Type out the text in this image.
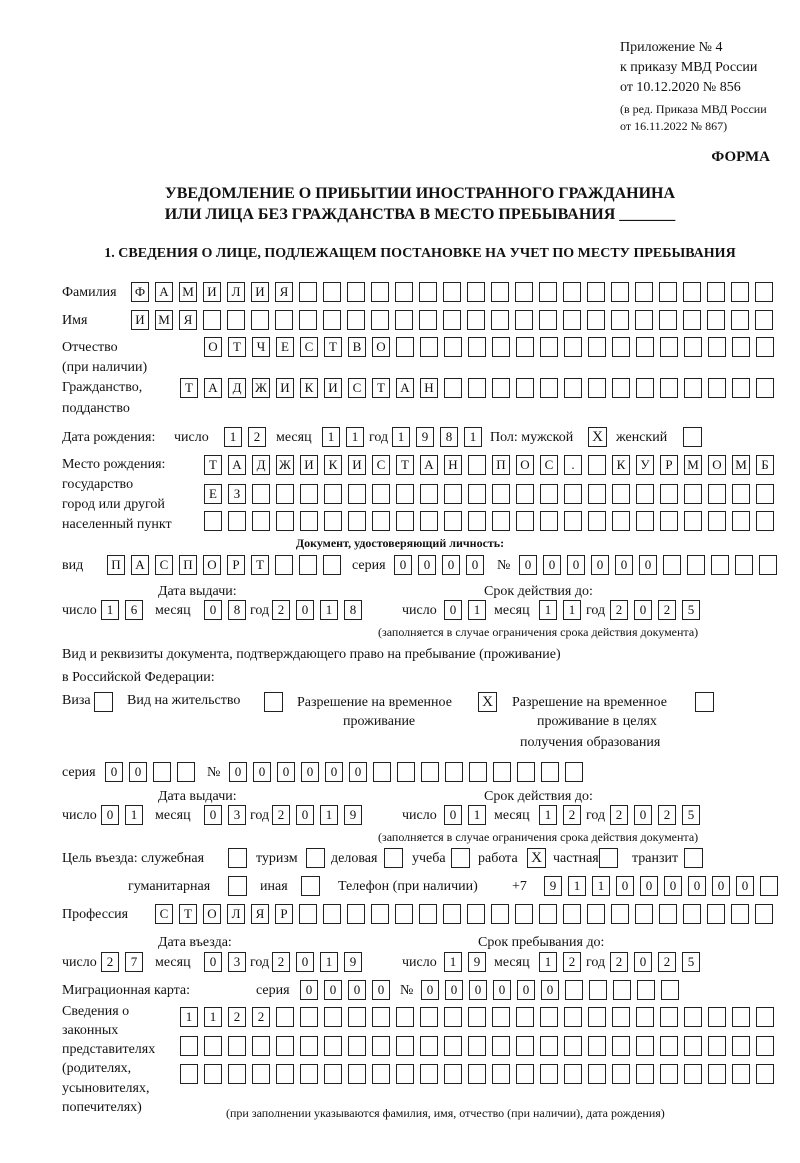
Приложение № 4
к приказу МВД России
от 10.12.2020 № 856
(в ред. Приказа МВД России
от 16.11.2022 № 867)
ФОРМА
УВЕДОМЛЕНИЕ О ПРИБЫТИИ ИНОСТРАННОГО ГРАЖДАНИНА
ИЛИ ЛИЦА БЕЗ ГРАЖДАНСТВА В МЕСТО ПРЕБЫВАНИЯ _______
1. СВЕДЕНИЯ О ЛИЦЕ, ПОДЛЕЖАЩЕМ ПОСТАНОВКЕ НА УЧЕТ ПО МЕСТУ ПРЕБЫВАНИЯ
Фамилия Ф	А	М	И	Л	И	Я
Имя	И	М	Я
Отчество
(при наличии)
О	Т	Ч	Е	С	Т	В	О
Гражданство,
подданство
Т	А	Д	Ж	И	К	И	С	Т	А	Н
Дата рождения: число	1	2	месяц	1	1 год 1	9	8	1 Пол: мужской X женский
Место рождения:
государство
город или другой
населенный пункт
Т	А	Д	Ж	И	К	И	С	Т	А	Н	П	О	С	.	К	У	Р	М	О	М	Б
Е	З
Документ, удостоверяющий личность:
вид	П	А	С	П	О	Р	Т	серия	0	0	0	0	№	0	0	0	0	0	0
Дата выдачи:	Срок действия до:
число 1	6	месяц	0	8 год 2	0	1	8	число	0	1 месяц	1	1 год 2	0	2	5
(заполняется в случае ограничения срока действия документа)
Вид и реквизиты документа, подтверждающего право на пребывание (проживание)
в Российской Федерации:
Виза	Вид на жительство	Разрешение на временное
проживание
X Разрешение на временное
проживание в целях
получения образования
серия	0	0	№	0	0	0	0	0	0
Дата выдачи:	Срок действия до:
число 0	1	месяц	0	3 год 2	0	1	9	число	0	1 месяц	1	2 год 2	0	2	5
(заполняется в случае ограничения срока действия документа)
Цель въезда: служебная	туризм деловая учеба работа X частная транзит
гуманитарная	иная	Телефон (при наличии) +7	9	1	1	0	0	0	0	0	0
Профессия	С	Т	О	Л	Я	Р
Дата въезда:	Срок пребывания до:
число 2	7	месяц	0	3 год 2	0	1	9	число	1	9 месяц	1	2 год 2	0	2	5
Миграционная карта:	серия	0	0	0	0	№	0	0	0	0	0	0
Сведения о
законных
представителях
(родителях,
усыновителях,
попечителях)
1	1	2	2
(при заполнении указываются фамилия, имя, отчество (при наличии), дата рождения)
